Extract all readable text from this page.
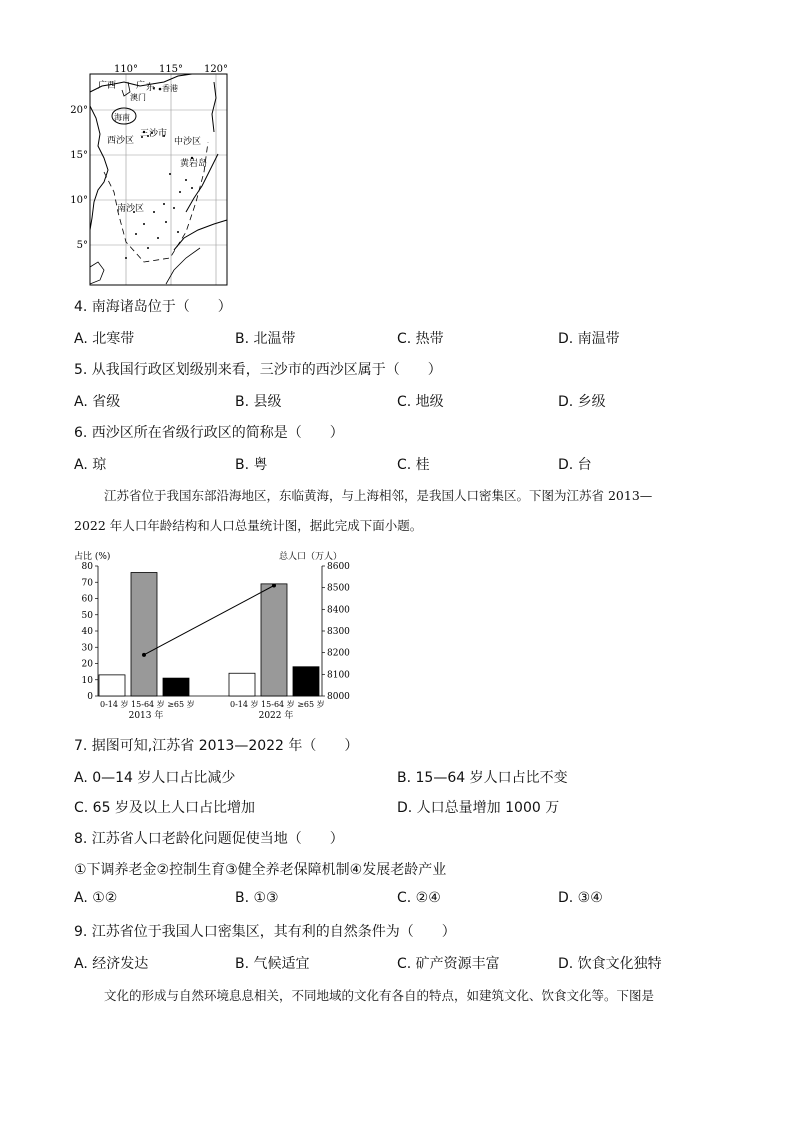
110° 115° 120°
20°
15°
10°
5°
广西 广 东 香港
澳门
海南
三沙市
西沙区	中沙区
黄岩岛
南沙区
4. 南海诸岛位于（　　）
A. 北寒带	B. 北温带	C. 热带	D. 南温带
5. 从我国行政区划级别来看，三沙市的西沙区属于（　　）
A. 省级	B. 县级	C. 地级	D. 乡级
6. 西沙区所在省级行政区的简称是（　　）
A. 琼	B. 粤	C. 桂	D. 台
江苏省位于我国东部沿海地区，东临黄海，与上海相邻，是我国人口密集区。下图为江苏省 2013—
2022 年人口年龄结构和人口总量统计图，据此完成下面小题。
占比 (%)	总人口（万人）
0
10
20
30
40
50
60
70
80
8000
8100
8200
8300
8400
8500
8600
0-14 岁 15-64 岁 ≥65 岁
2013 年
0-14 岁 15-64 岁 ≥65 岁
2022 年
7. 据图可知,江苏省 2013—2022 年（　　）
A. 0—14 岁人口占比减少	B. 15—64 岁人口占比不变
C. 65 岁及以上人口占比增加	D. 人口总量增加 1000 万
8. 江苏省人口老龄化问题促使当地（　　）
①下调养老金②控制生育③健全养老保障机制④发展老龄产业
A. ①②	B. ①③	C. ②④	D. ③④
9. 江苏省位于我国人口密集区，其有利的自然条件为（　　）
A. 经济发达	B. 气候适宜	C. 矿产资源丰富	D. 饮食文化独特
文化的形成与自然环境息息相关，不同地域的文化有各自的特点，如建筑文化、饮食文化等。下图是
